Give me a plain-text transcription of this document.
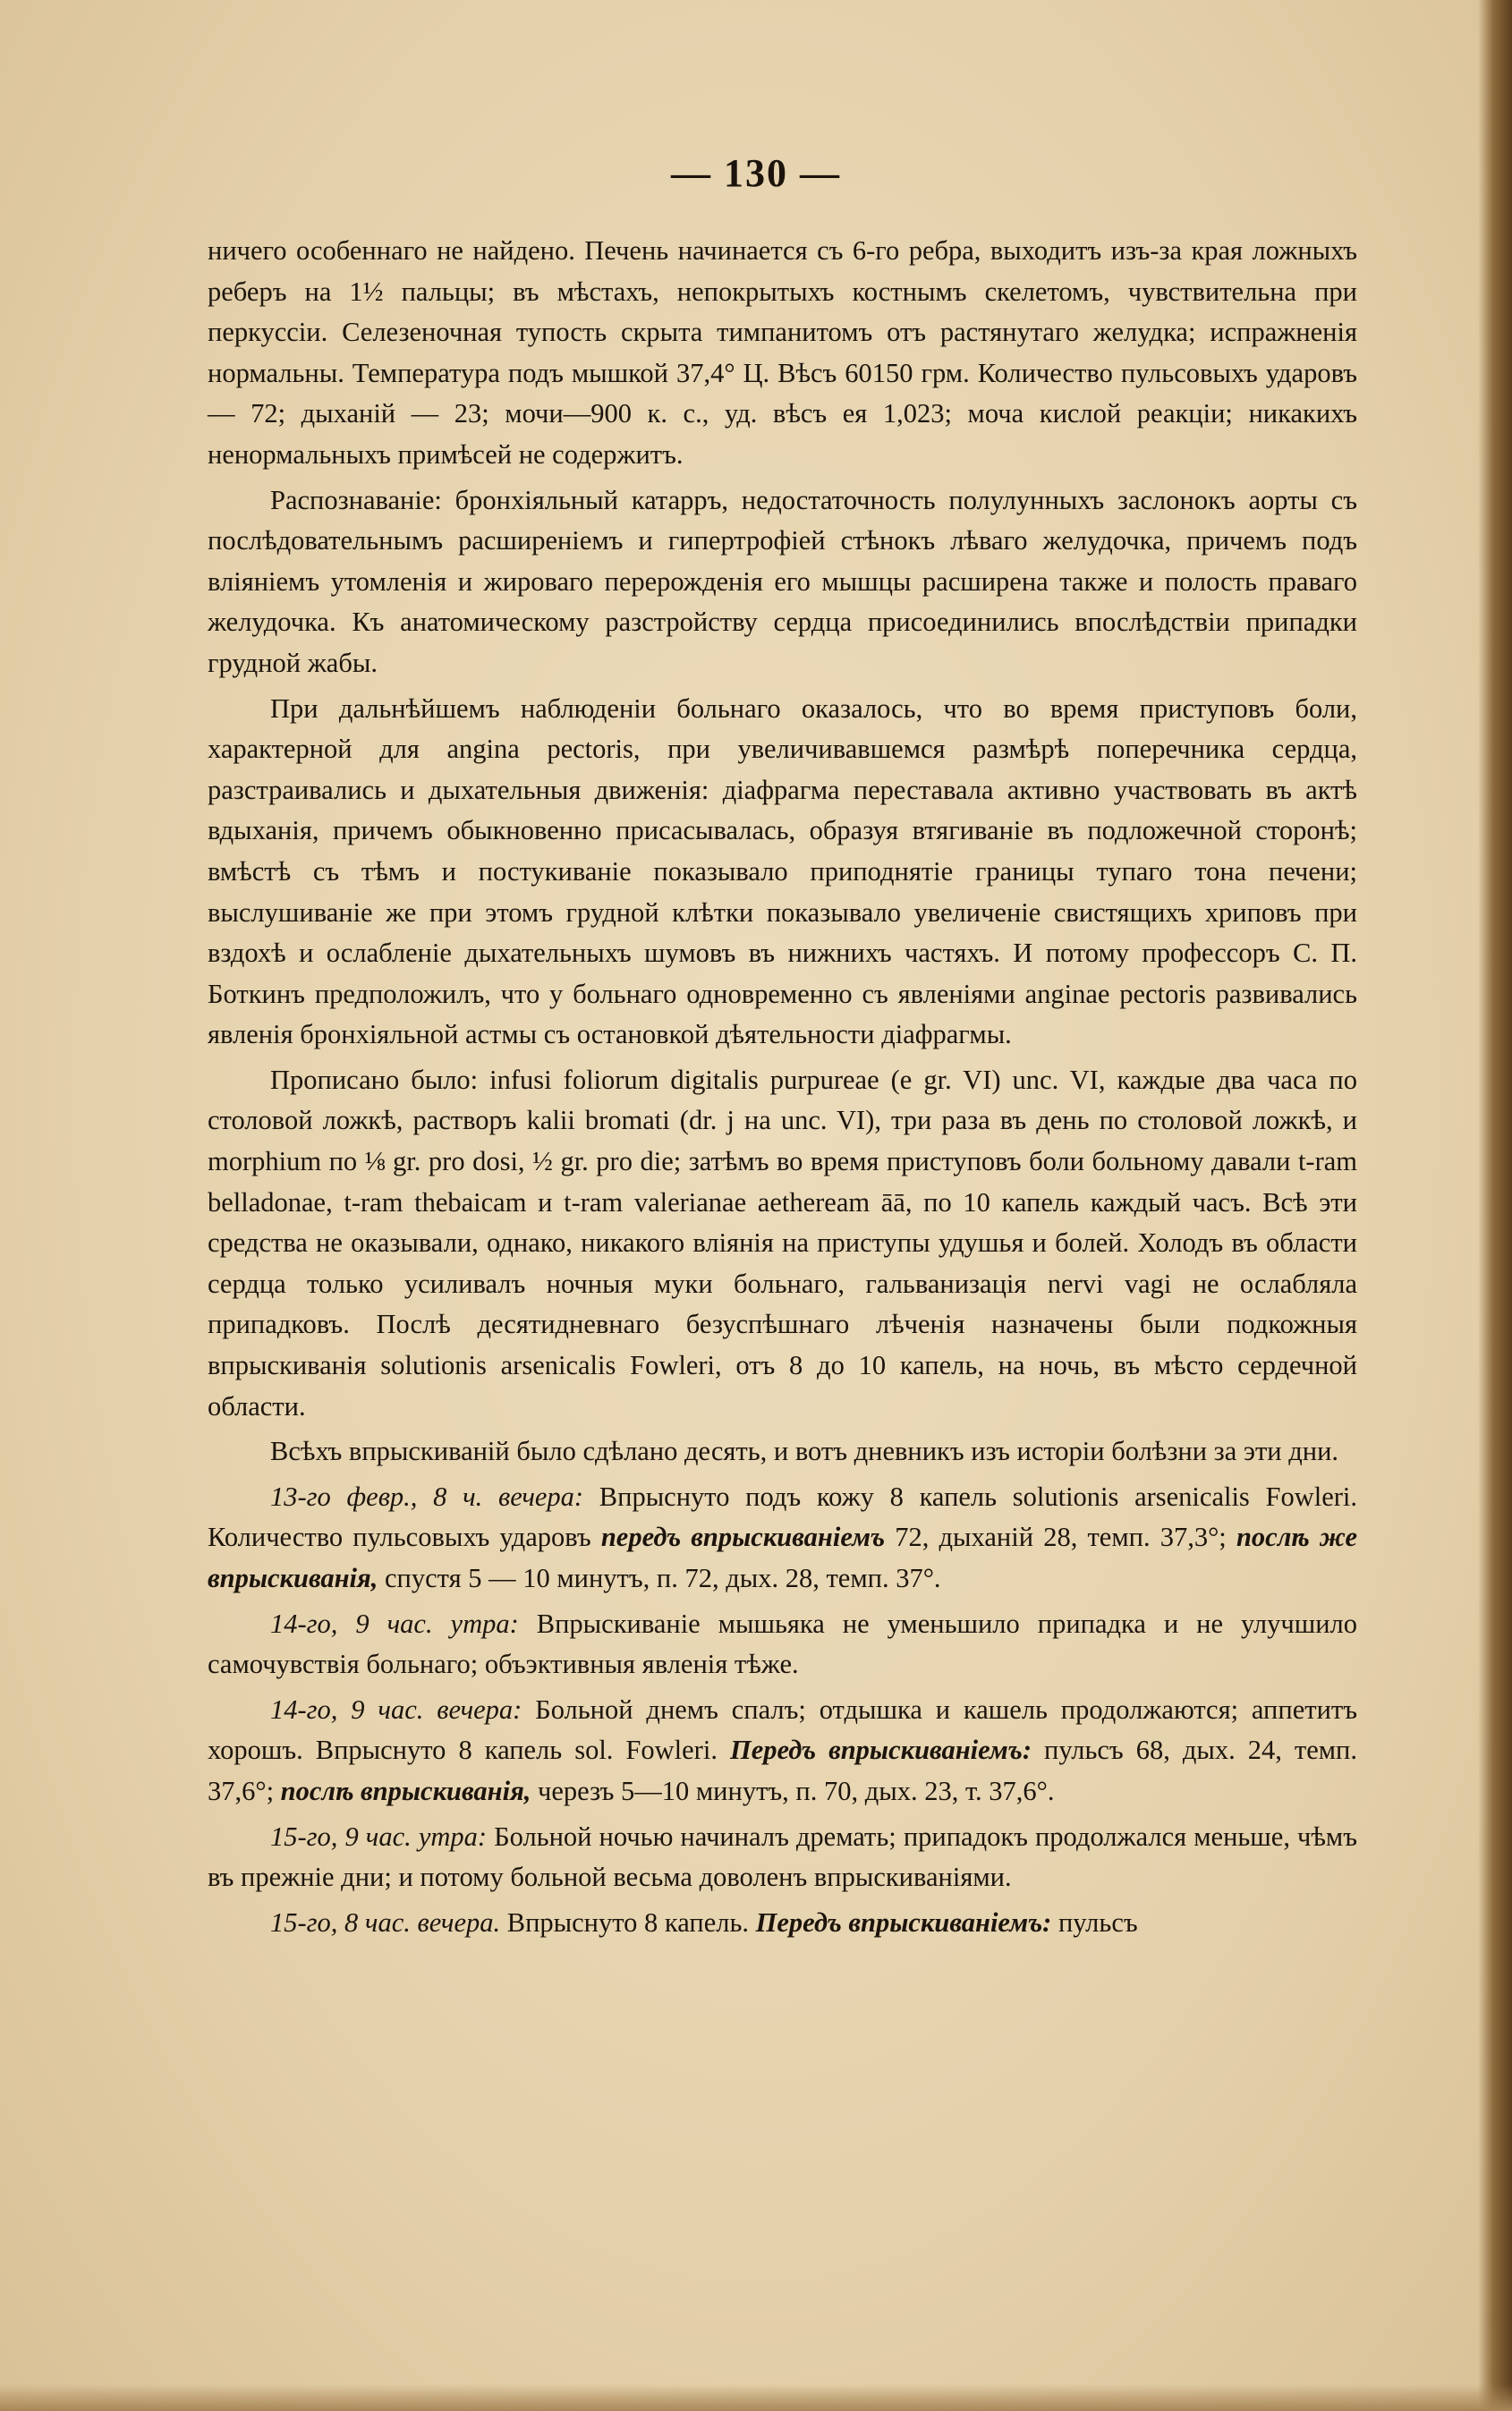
— 130 —

ничего особеннаго не найдено. Печень начинается съ 6-го ребра, выходитъ изъ-за края ложныхъ реберъ на 1½ пальцы; въ мѣстахъ, непокрытыхъ костнымъ скелетомъ, чувствительна при перкуссіи. Селезеночная тупость скрыта тимпанитомъ отъ растянутаго желудка; испражненія нормальны. Температура подъ мышкой 37,4° Ц. Вѣсъ 60150 грм. Количество пульсовыхъ ударовъ — 72; дыханій — 23; мочи—900 к. с., уд. вѣсъ ея 1,023; моча кислой реакціи; никакихъ ненормальныхъ примѣсей не содержитъ.

Распознаваніе: бронхіяльный катарръ, недостаточность полулунныхъ заслонокъ аорты съ послѣдовательнымъ расширеніемъ и гипертрофіей стѣнокъ лѣваго желудочка, причемъ подъ вліяніемъ утомленія и жироваго перерожденія его мышцы расширена также и полость праваго желудочка. Къ анатомическому разстройству сердца присоединились впослѣдствіи припадки грудной жабы.

При дальнѣйшемъ наблюденіи больнаго оказалось, что во время приступовъ боли, характерной для angina pectoris, при увеличивавшемся размѣрѣ поперечника сердца, разстраивались и дыхательныя движенія: діафрагма переставала активно участвовать въ актѣ вдыханія, причемъ обыкновенно присасывалась, образуя втягиваніе въ подложечной сторонѣ; вмѣстѣ съ тѣмъ и постукиваніе показывало приподнятіе границы тупаго тона печени; выслушиваніе же при этомъ грудной клѣтки показывало увеличеніе свистящихъ хриповъ при вздохѣ и ослабленіе дыхательныхъ шумовъ въ нижнихъ частяхъ. И потому профессоръ С. П. Боткинъ предположилъ, что у больнаго одновременно съ явленіями anginae pectoris развивались явленія бронхіяльной астмы съ остановкой дѣятельности діафрагмы.

Прописано было: infusi foliorum digitalis purpureae (e gr. VI) unc. VI, каждые два часа по столовой ложкѣ, растворъ kalii bromati (dr. j на unc. VI), три раза въ день по столовой ложкѣ, и morphium по ⅛ gr. pro dosi, ½ gr. pro die; затѣмъ во время приступовъ боли больному давали t-ram belladonae, t-ram thebaicam и t-ram valerianae aetheream āā, по 10 капель каждый часъ. Всѣ эти средства не оказывали, однако, никакого вліянія на приступы удушья и болей. Холодъ въ области сердца только усиливалъ ночныя муки больнаго, гальванизація nervi vagi не ослабляла припадковъ. Послѣ десятидневнаго безуспѣшнаго лѣченія назначены были подкожныя впрыскиванія solutionis arsenicalis Fowleri, отъ 8 до 10 капель, на ночь, въ мѣсто сердечной области.

Всѣхъ впрыскиваній было сдѣлано десять, и вотъ дневникъ изъ исторіи болѣзни за эти дни.

13-го февр., 8 ч. вечера: Впрыснуто подъ кожу 8 капель solutionis arsenicalis Fowleri. Количество пульсовыхъ ударовъ передъ впрыскиваніемъ 72, дыханій 28, темп. 37,3°; послѣ же впрыскиванія, спустя 5 — 10 минутъ, п. 72, дых. 28, темп. 37°.

14-го, 9 час. утра: Впрыскиваніе мышьяка не уменьшило припадка и не улучшило самочувствія больнаго; объэктивныя явленія тѣже.

14-го, 9 час. вечера: Больной днемъ спалъ; отдышка и кашель продолжаются; аппетитъ хорошъ. Впрыснуто 8 капель sol. Fowleri. Передъ впрыскиваніемъ: пульсъ 68, дых. 24, темп. 37,6°; послѣ впрыскиванія, черезъ 5—10 минутъ, п. 70, дых. 23, т. 37,6°.

15-го, 9 час. утра: Больной ночью начиналъ дремать; припадокъ продолжался меньше, чѣмъ въ прежніе дни; и потому больной весьма доволенъ впрыскиваніями.

15-го, 8 час. вечера. Впрыснуто 8 капель. Передъ впрыскиваніемъ: пульсъ
